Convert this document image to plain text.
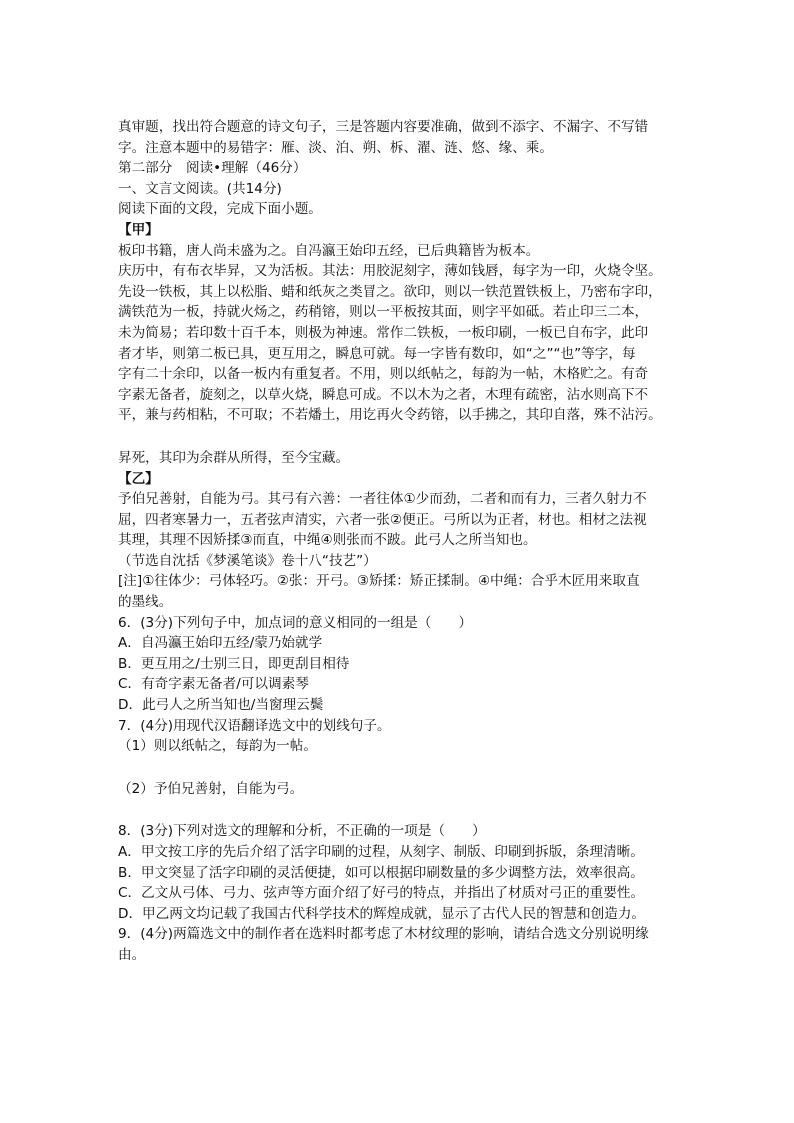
真审题，找出符合题意的诗文句子，三是答题内容要准确，做到不添字、不漏字、不写错
字。注意本题中的易错字：雁、淡、泊、朔、柝、濯、涟、悠、缘、乘。
第二部分　阅读•理解（46分）
一、文言文阅读。(共14分)
阅读下面的文段，完成下面小题。
【甲】
板印书籍，唐人尚未盛为之。自冯瀛王始印五经，已后典籍皆为板本。
庆历中，有布衣毕昇，又为活板。其法：用胶泥刻字，薄如钱唇，每字为一印，火烧令坚。
先设一铁板，其上以松脂、蜡和纸灰之类冒之。欲印，则以一铁范置铁板上，乃密布字印，
满铁范为一板，持就火炀之，药稍镕，则以一平板按其面，则字平如砥。若止印三二本，
未为简易；若印数十百千本，则极为神速。常作二铁板，一板印刷，一板已自布字，此印
者才毕，则第二板已具，更互用之，瞬息可就。每一字皆有数印，如“之”“也”等字，每
字有二十余印，以备一板内有重复者。不用，则以纸帖之，每韵为一帖，木格贮之。有奇
字素无备者，旋刻之，以草火烧，瞬息可成。不以木为之者，木理有疏密，沾水则高下不
平，兼与药相粘，不可取；不若燔土，用讫再火令药镕，以手拂之，其印自落，殊不沾污。
昇死，其印为余群从所得，至今宝藏。
【乙】
予伯兄善射，自能为弓。其弓有六善：一者往体①少而劲，二者和而有力，三者久射力不
屈，四者寒暑力一，五者弦声清实，六者一张②便正。弓所以为正者，材也。相材之法视
其理，其理不因矫揉③而直，中绳④则张而不跛。此弓人之所当知也。
（节选自沈括《梦溪笔谈》卷十八“技艺”）
[注]①往体少：弓体轻巧。②张：开弓。③矫揉：矫正揉制。④中绳：合乎木匠用来取直
的墨线。
6．(3分)下列句子中，加点词的意义相同的一组是（　　）
A．自冯瀛王始印五经/蒙乃始就学
B．更互用之/士别三日，即更刮目相待
C．有奇字素无备者/可以调素琴
D．此弓人之所当知也/当窗理云鬓
7．(4分)用现代汉语翻译选文中的划线句子。
（1）则以纸帖之，每韵为一帖。
（2）予伯兄善射，自能为弓。
8．(3分)下列对选文的理解和分析，不正确的一项是（　　）
A．甲文按工序的先后介绍了活字印刷的过程，从刻字、制版、印刷到拆版，条理清晰。
B．甲文突显了活字印刷的灵活便捷，如可以根据印刷数量的多少调整方法，效率很高。
C．乙文从弓体、弓力、弦声等方面介绍了好弓的特点，并指出了材质对弓正的重要性。
D．甲乙两文均记载了我国古代科学技术的辉煌成就，显示了古代人民的智慧和创造力。
9．(4分)两篇选文中的制作者在选料时都考虑了木材纹理的影响，请结合选文分别说明缘
由。
